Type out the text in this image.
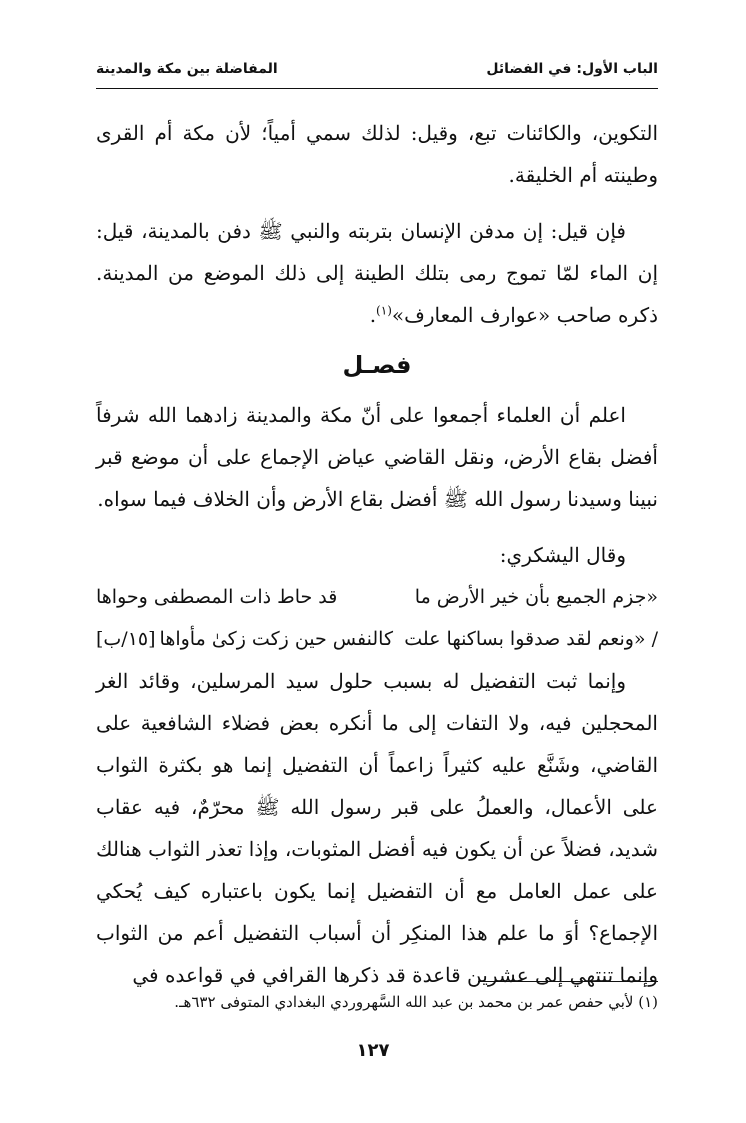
الباب الأول: في الفضائل
المفاضلة بين مكة والمدينة

التكوين، والكائنات تبع، وقيل: لذلك سمي أمياً؛ لأن مكة أم القرى وطينته أم الخليقة.

فإن قيل: إن مدفن الإنسان بتربته والنبي ﷺ دفن بالمدينة، قيل: إن الماء لمّا تموج رمى بتلك الطينة إلى ذلك الموضع من المدينة. ذكره صاحب «عوارف المعارف»$^{(١)}$.

فصـل

اعلم أن العلماء أجمعوا على أنّ مكة والمدينة زادهما الله شرفاً أفضل بقاع الأرض، ونقل القاضي عياض الإجماع على أن موضع قبر نبينا وسيدنا رسول الله ﷺ أفضل بقاع الأرض وأن الخلاف فيما سواه.

وقال اليشكري:

«جزم الجميع بأن خير الأرض ما
قد حاط ذات المصطفى وحواها
/ «ونعم لقد صدقوا بساكنها علت
كالنفس حين زكت زكىٰ مأواها[١٥/ب]

وإنما ثبت التفضيل له بسبب حلول سيد المرسلين، وقائد الغر المحجلين فيه، ولا التفات إلى ما أنكره بعض فضلاء الشافعية على القاضي، وشَنَّع عليه كثيراً زاعماً أن التفضيل إنما هو بكثرة الثواب على الأعمال، والعملُ على قبر رسول الله ﷺ محرّمٌ، فيه عقاب شديد، فضلاً عن أن يكون فيه أفضل المثوبات، وإذا تعذر الثواب هنالك على عمل العامل مع أن التفضيل إنما يكون باعتباره كيف يُحكي الإجماع؟ أوَ ما علم هذا المنكِر أن أسباب التفضيل أعم من الثواب وإنما تنتهي إلى عشرين قاعدة قد ذكرها القرافي في قواعده في

(١) لأبي حفص عمر بن محمد بن عبد الله السَّهروردي البغدادي المتوفى ٦٣٢هـ.
١٢٧
